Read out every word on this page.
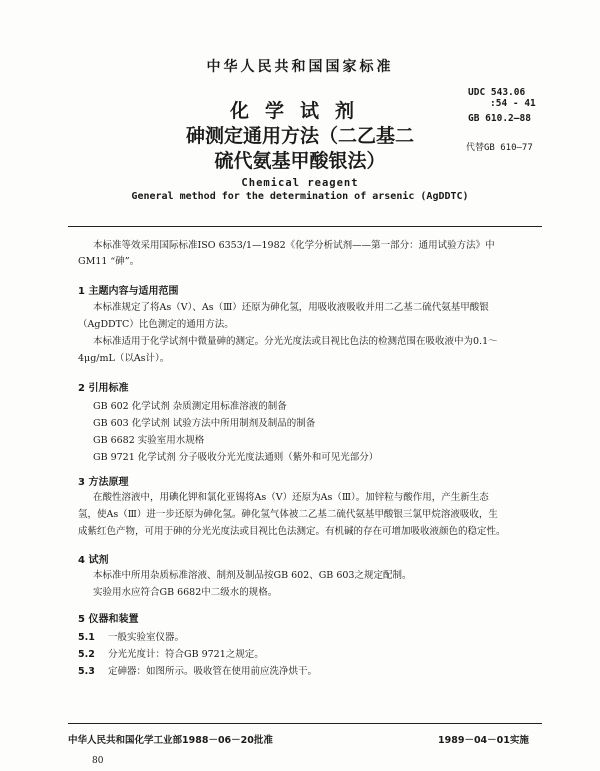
中华人民共和国国家标准
UDC 543.06
:54 - 41
GB 610.2—88
代替GB 610—77
化学试剂
砷测定通用方法（二乙基二
硫代氨基甲酸银法）
Chemical reagent
General method for the determination of arsenic (AgDDTC)
本标准等效采用国际标准ISO 6353/1—1982《化学分析试剂——第一部分：通用试验方法》中
GM11 “砷”。
1 主题内容与适用范围
本标准规定了将As（V）、As（Ⅲ）还原为砷化氢，用吸收液吸收并用二乙基二硫代氨基甲酸银
（AgDDTC）比色测定的通用方法。
本标准适用于化学试剂中微量砷的测定。分光光度法或目视比色法的检测范围在吸收液中为0.1～
4μg/mL（以As计）。
2 引用标准
GB 602 化学试剂 杂质测定用标准溶液的制备
GB 603 化学试剂 试验方法中所用制剂及制品的制备
GB 6682 实验室用水规格
GB 9721 化学试剂 分子吸收分光光度法通则（紫外和可见光部分）
3 方法原理
在酸性溶液中，用碘化钾和氯化亚锡将As（V）还原为As（Ⅲ）。加锌粒与酸作用，产生新生态
氢，使As（Ⅲ）进一步还原为砷化氢。砷化氢气体被二乙基二硫代氨基甲酸银三氯甲烷溶液吸收，生
成紫红色产物，可用于砷的分光光度法或目视比色法测定。有机碱的存在可增加吸收液颜色的稳定性。
4 试剂
本标准中所用杂质标准溶液、制剂及制品按GB 602、GB 603之规定配制。
实验用水应符合GB 6682中二级水的规格。
5 仪器和装置
5.1 一般实验室仪器。
5.2 分光光度计：符合GB 9721之规定。
5.3 定砷器：如图所示。吸收管在使用前应洗净烘干。
中华人民共和国化学工业部1988－06－20批准	1989－04－01实施
80
